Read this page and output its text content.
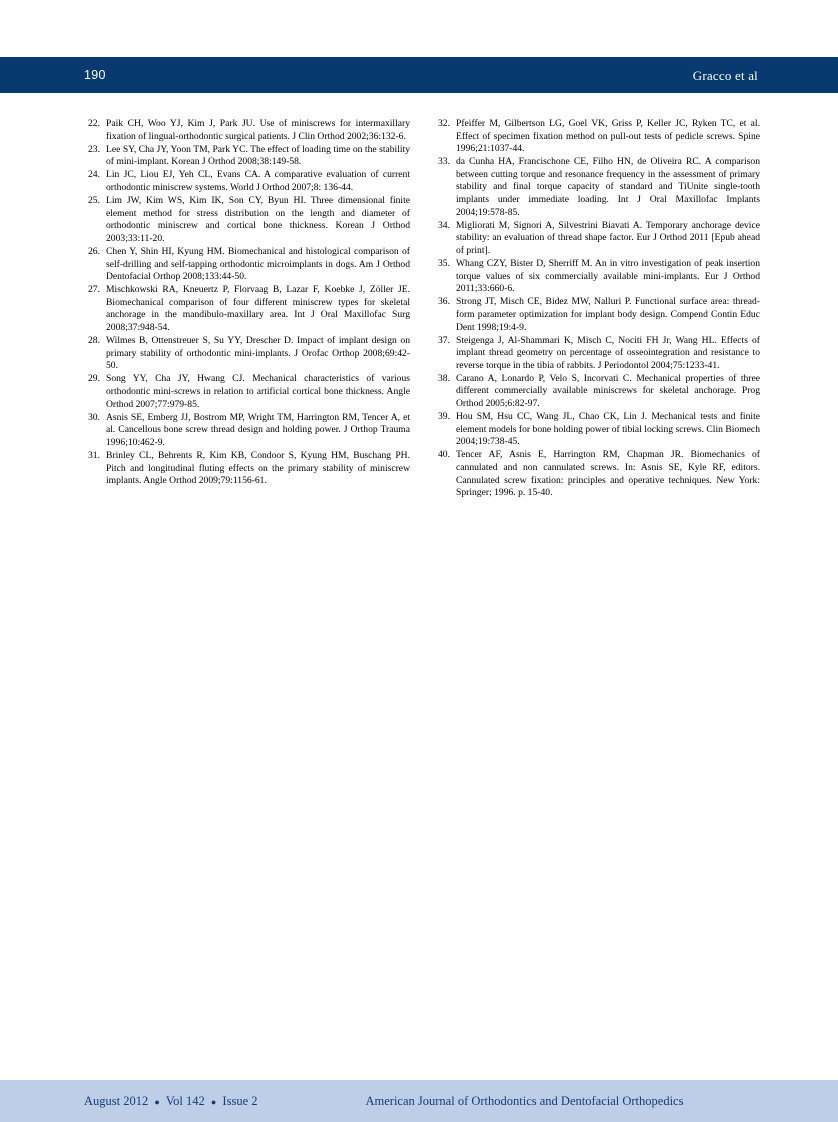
190	Gracco et al
22. Paik CH, Woo YJ, Kim J, Park JU. Use of miniscrews for intermaxillary fixation of lingual-orthodontic surgical patients. J Clin Orthod 2002;36:132-6.
23. Lee SY, Cha JY, Yoon TM, Park YC. The effect of loading time on the stability of mini-implant. Korean J Orthod 2008;38:149-58.
24. Lin JC, Liou EJ, Yeh CL, Evans CA. A comparative evaluation of current orthodontic miniscrew systems. World J Orthod 2007;8: 136-44.
25. Lim JW, Kim WS, Kim IK, Son CY, Byun HI. Three dimensional finite element method for stress distribution on the length and diameter of orthodontic miniscrew and cortical bone thickness. Korean J Orthod 2003;33:11-20.
26. Chen Y, Shin HI, Kyung HM. Biomechanical and histological comparison of self-drilling and self-tapping orthodontic microimplants in dogs. Am J Orthod Dentofacial Orthop 2008;133:44-50.
27. Mischkowski RA, Kneuertz P, Florvaag B, Lazar F, Koebke J, Zöller JE. Biomechanical comparison of four different miniscrew types for skeletal anchorage in the mandibulo-maxillary area. Int J Oral Maxillofac Surg 2008;37:948-54.
28. Wilmes B, Ottenstreuer S, Su YY, Drescher D. Impact of implant design on primary stability of orthodontic mini-implants. J Orofac Orthop 2008;69:42-50.
29. Song YY, Cha JY, Hwang CJ. Mechanical characteristics of various orthodontic mini-screws in relation to artificial cortical bone thickness. Angle Orthod 2007;77:979-85.
30. Asnis SE, Emberg JJ, Bostrom MP, Wright TM, Harrington RM, Tencer A, et al. Cancellous bone screw thread design and holding power. J Orthop Trauma 1996;10:462-9.
31. Brinley CL, Behrents R, Kim KB, Condoor S, Kyung HM, Buschang PH. Pitch and longitudinal fluting effects on the primary stability of miniscrew implants. Angle Orthod 2009;79:1156-61.
32. Pfeiffer M, Gilbertson LG, Goel VK, Griss P, Keller JC, Ryken TC, et al. Effect of specimen fixation method on pull-out tests of pedicle screws. Spine 1996;21:1037-44.
33. da Cunha HA, Francischone CE, Filho HN, de Oliveira RC. A comparison between cutting torque and resonance frequency in the assessment of primary stability and final torque capacity of standard and TiUnite single-tooth implants under immediate loading. Int J Oral Maxillofac Implants 2004;19:578-85.
34. Migliorati M, Signori A, Silvestrini Biavati A. Temporary anchorage device stability: an evaluation of thread shape factor. Eur J Orthod 2011 [Epub ahead of print].
35. Whang CZY, Bister D, Sherriff M. An in vitro investigation of peak insertion torque values of six commercially available mini-implants. Eur J Orthod 2011;33:660-6.
36. Strong JT, Misch CE, Bidez MW, Nalluri P. Functional surface area: thread-form parameter optimization for implant body design. Compend Contin Educ Dent 1998;19:4-9.
37. Steigenga J, Al-Shammari K, Misch C, Nociti FH Jr, Wang HL. Effects of implant thread geometry on percentage of osseointegration and resistance to reverse torque in the tibia of rabbits. J Periodontol 2004;75:1233-41.
38. Carano A, Lonardo P, Velo S, Incorvati C. Mechanical properties of three different commercially available miniscrews for skeletal anchorage. Prog Orthod 2005;6:82-97.
39. Hou SM, Hsu CC, Wang JL, Chao CK, Lin J. Mechanical tests and finite element models for bone holding power of tibial locking screws. Clin Biomech 2004;19:738-45.
40. Tencer AF, Asnis E, Harrington RM, Chapman JR. Biomechanics of cannulated and non cannulated screws. In: Asnis SE, Kyle RF, editors. Cannulated screw fixation: principles and operative techniques. New York: Springer; 1996. p. 15-40.
August 2012 ● Vol 142 ● Issue 2	American Journal of Orthodontics and Dentofacial Orthopedics
